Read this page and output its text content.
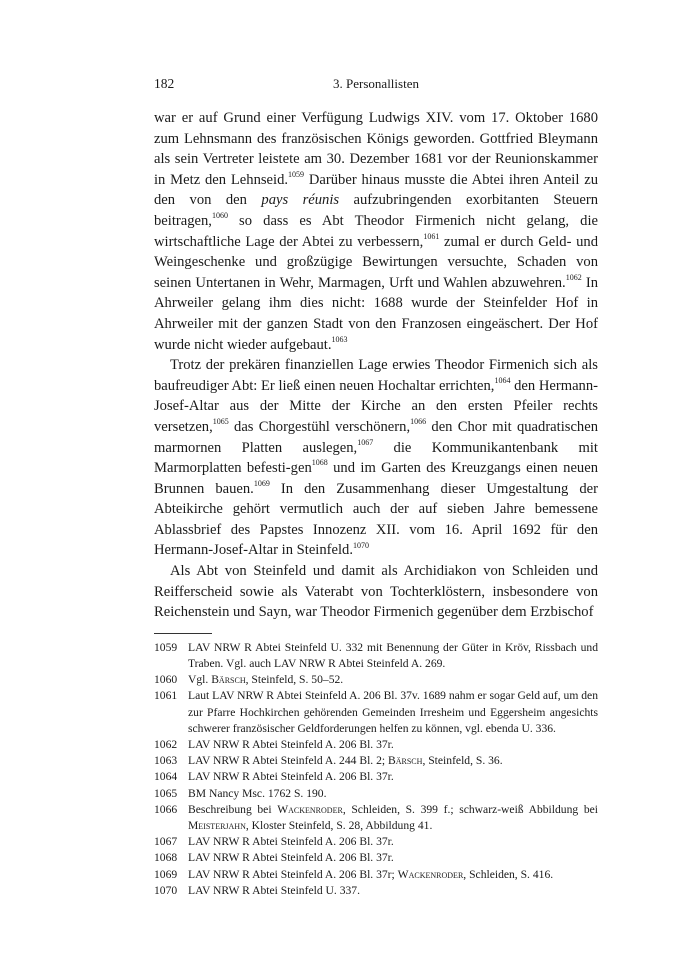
182	3. Personallisten

war er auf Grund einer Verfügung Ludwigs XIV. vom 17. Oktober 1680 zum Lehnsmann des französischen Königs geworden. Gottfried Bleymann als sein Vertreter leistete am 30. Dezember 1681 vor der Reunionskammer in Metz den Lehnseid.$^{1059}$ Darüber hinaus musste die Abtei ihren Anteil zu den von den pays réunis aufzubringenden exorbitanten Steuern beitragen,$^{1060}$ so dass es Abt Theodor Firmenich nicht gelang, die wirtschaftliche Lage der Abtei zu verbessern,$^{1061}$ zumal er durch Geld- und Weingeschenke und großzügige Bewirtungen versuchte, Schaden von seinen Untertanen in Wehr, Marmagen, Urft und Wahlen abzuwehren.$^{1062}$ In Ahrweiler gelang ihm dies nicht: 1688 wurde der Steinfelder Hof in Ahrweiler mit der ganzen Stadt von den Franzosen eingeäschert. Der Hof wurde nicht wieder aufgebaut.$^{1063}$

Trotz der prekären finanziellen Lage erwies Theodor Firmenich sich als baufreudiger Abt: Er ließ einen neuen Hochaltar errichten,$^{1064}$ den Hermann-Josef-Altar aus der Mitte der Kirche an den ersten Pfeiler rechts versetzen,$^{1065}$ das Chorgestühl verschönern,$^{1066}$ den Chor mit quadratischen marmornen Platten auslegen,$^{1067}$ die Kommunikantenbank mit Marmorplatten befesti-gen$^{1068}$ und im Garten des Kreuzgangs einen neuen Brunnen bauen.$^{1069}$ In den Zusammenhang dieser Umgestaltung der Abteikirche gehört vermutlich auch der auf sieben Jahre bemessene Ablassbrief des Papstes Innozenz XII. vom 16. April 1692 für den Hermann-Josef-Altar in Steinfeld.$^{1070}$

Als Abt von Steinfeld und damit als Archidiakon von Schleiden und Reifferscheid sowie als Vaterabt von Tochterklöstern, insbesondere von Reichenstein und Sayn, war Theodor Firmenich gegenüber dem Erzbischof

1059 LAV NRW R Abtei Steinfeld U. 332 mit Benennung der Güter in Kröv, Rissbach und Traben. Vgl. auch LAV NRW R Abtei Steinfeld A. 269.
1060 Vgl. Bärsch, Steinfeld, S. 50–52.
1061 Laut LAV NRW R Abtei Steinfeld A. 206 Bl. 37v. 1689 nahm er sogar Geld auf, um den zur Pfarre Hochkirchen gehörenden Gemeinden Irresheim und Eggersheim angesichts schwerer französischer Geldforderungen helfen zu können, vgl. ebenda U. 336.
1062 LAV NRW R Abtei Steinfeld A. 206 Bl. 37r.
1063 LAV NRW R Abtei Steinfeld A. 244 Bl. 2; Bärsch, Steinfeld, S. 36.
1064 LAV NRW R Abtei Steinfeld A. 206 Bl. 37r.
1065 BM Nancy Msc. 1762 S. 190.
1066 Beschreibung bei Wackenroder, Schleiden, S. 399 f.; schwarz-weiß Abbildung bei Meisterjahn, Kloster Steinfeld, S. 28, Abbildung 41.
1067 LAV NRW R Abtei Steinfeld A. 206 Bl. 37r.
1068 LAV NRW R Abtei Steinfeld A. 206 Bl. 37r.
1069 LAV NRW R Abtei Steinfeld A. 206 Bl. 37r; Wackenroder, Schleiden, S. 416.
1070 LAV NRW R Abtei Steinfeld U. 337.
